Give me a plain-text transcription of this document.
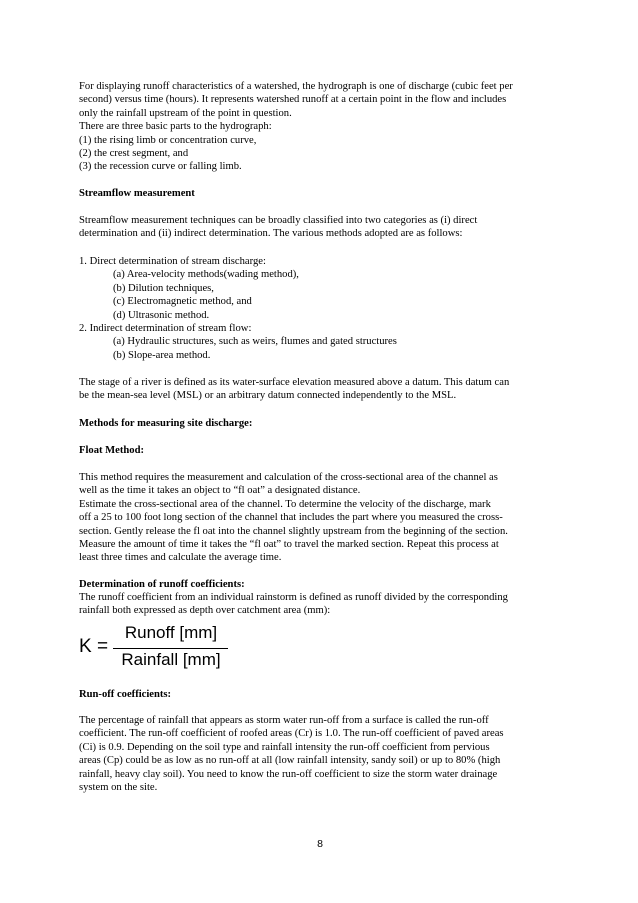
For displaying runoff characteristics of a watershed, the hydrograph is one of discharge (cubic feet per
second) versus time (hours). It represents watershed runoff at a certain point in the flow and includes
only the rainfall upstream of the point in question.
There are three basic parts to the hydrograph:
(1) the rising limb or concentration curve,
(2) the crest segment, and
(3) the recession curve or falling limb.
Streamflow measurement
Streamflow measurement techniques can be broadly classified into two categories as (i) direct
determination and (ii) indirect determination. The various methods adopted are as follows:
1. Direct determination of stream discharge:
(a) Area-velocity methods(wading method),
(b) Dilution techniques,
(c) Electromagnetic method, and
(d) Ultrasonic method.
2. Indirect determination of stream flow:
(a) Hydraulic structures, such as weirs, flumes and gated structures
(b) Slope-area method.
The stage of a river is defined as its water-surface elevation measured above a datum. This datum can
be the mean-sea level (MSL) or an arbitrary datum connected independently to the MSL.
Methods for measuring site discharge:
Float Method:
This method requires the measurement and calculation of the cross-sectional area of the channel as
well as the time it takes an object to “fl oat” a designated distance.
Estimate the cross-sectional area of the channel. To determine the velocity of the discharge, mark
off a 25 to 100 foot long section of the channel that includes the part where you measured the cross-
section. Gently release the fl oat into the channel slightly upstream from the beginning of the section.
Measure the amount of time it takes the “fl oat” to travel the marked section. Repeat this process at
least three times and calculate the average time.
Determination of runoff coefficients:
The runoff coefficient from an individual rainstorm is defined as runoff divided by the corresponding
rainfall both expressed as depth over catchment area (mm):
K =
Runoff [mm]
Rainfall [mm]
Run-off coefficients:
The percentage of rainfall that appears as storm water run-off from a surface is called the run-off
coefficient. The run-off coefficient of roofed areas (Cr) is 1.0. The run-off coefficient of paved areas
(Ci) is 0.9. Depending on the soil type and rainfall intensity the run-off coefficient from pervious
areas (Cp) could be as low as no run-off at all (low rainfall intensity, sandy soil) or up to 80% (high
rainfall, heavy clay soil). You need to know the run-off coefficient to size the storm water drainage
system on the site.
8
